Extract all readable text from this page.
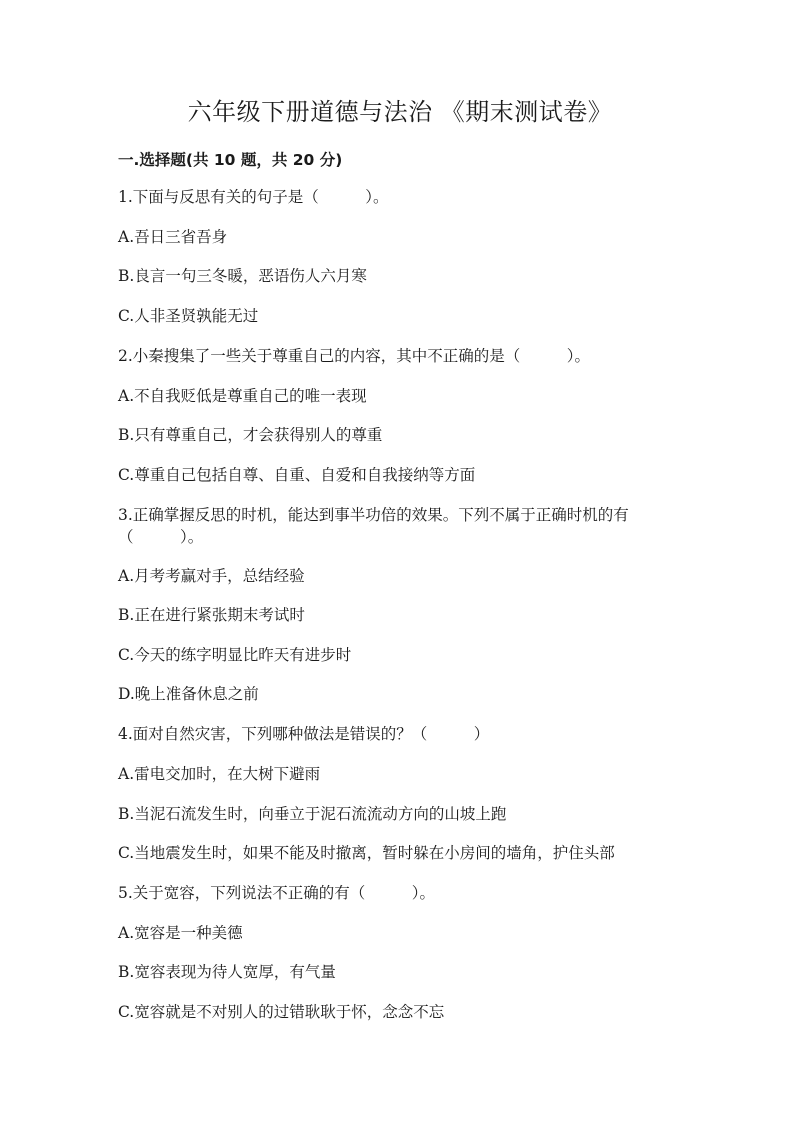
六年级下册道德与法治 《期末测试卷》
一.选择题(共 10 题，共 20 分)
1.下面与反思有关的句子是（　　　）。
A.吾日三省吾身
B.良言一句三冬暖，恶语伤人六月寒
C.人非圣贤孰能无过
2.小秦搜集了一些关于尊重自己的内容，其中不正确的是（　　　）。
A.不自我贬低是尊重自己的唯一表现
B.只有尊重自己，才会获得别人的尊重
C.尊重自己包括自尊、自重、自爱和自我接纳等方面
3.正确掌握反思的时机，能达到事半功倍的效果。下列不属于正确时机的有（　　　）。
A.月考考赢对手，总结经验
B.正在进行紧张期末考试时
C.今天的练字明显比昨天有进步时
D.晚上准备休息之前
4.面对自然灾害，下列哪种做法是错误的？（　　　）
A.雷电交加时，在大树下避雨
B.当泥石流发生时，向垂立于泥石流流动方向的山坡上跑
C.当地震发生时，如果不能及时撤离，暂时躲在小房间的墙角，护住头部
5.关于宽容，下列说法不正确的有（　　　）。
A.宽容是一种美德
B.宽容表现为待人宽厚，有气量
C.宽容就是不对别人的过错耿耿于怀，念念不忘
